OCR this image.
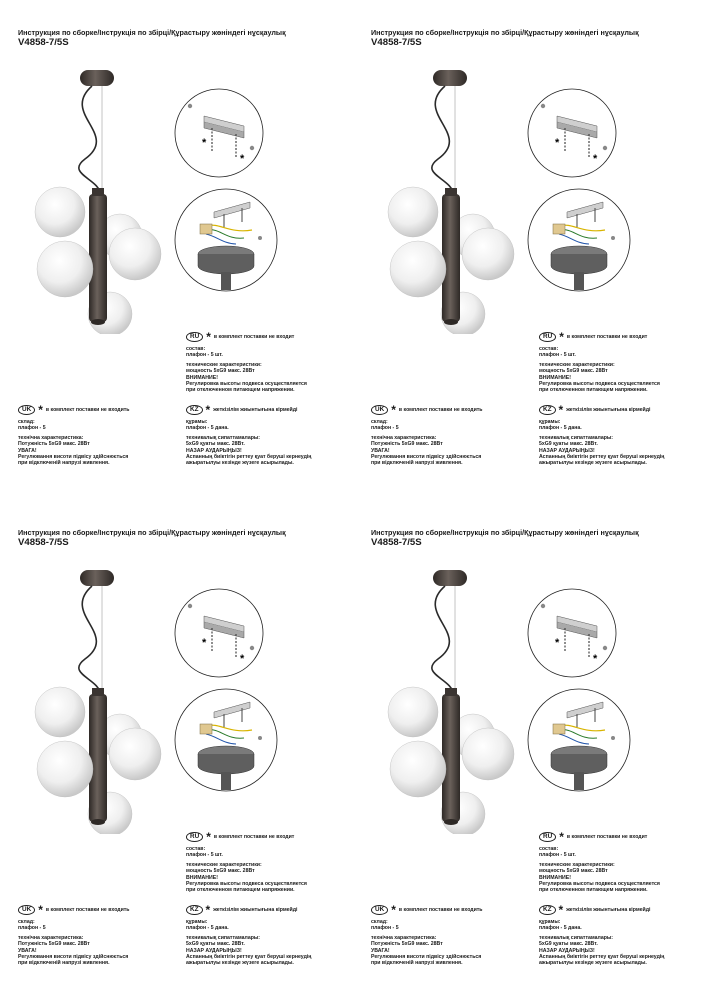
Инструкция по сборке/Інструкція по збірці/Құрастыру жөніндегі нұсқаулық
V4858-7/5S
*
*
RU * в комплект поставки не входит
состав:
плафон - 5 шт.
технические характеристики:
мощность 5xG9 макс. 28Вт
ВНИМАНИЕ!
Регулировка высоты подвеса осуществляется
при отключенном питающем напряжении.
UK * в комплект поставки не входить
склад:
плафон - 5
технічна характеристика:
Потужність 5xG9 макс. 28Вт
УВАГА!
Регулювання висоти підвісу здійснюється
при відключеній напрузі живлення.
KZ * жеткізілім жиынтығына кірмейді
құрамы:
плафон - 5 дана.
техникалық сипаттамалары:
5xG9 қуаты макс. 28Вт.
НАЗАР АУДАРЫҢЫЗ!
Аспанның биіктігін реттеу қуат беруші кернеудің
ажыратылуы кезінде жүзеге асырылады.
Инструкция по сборке/Інструкція по збірці/Құрастыру жөніндегі нұсқаулық
V4858-7/5S
*
*
RU * в комплект поставки не входит
состав:
плафон - 5 шт.
технические характеристики:
мощность 5xG9 макс. 28Вт
ВНИМАНИЕ!
Регулировка высоты подвеса осуществляется
при отключенном питающем напряжении.
UK * в комплект поставки не входить
склад:
плафон - 5
технічна характеристика:
Потужність 5xG9 макс. 28Вт
УВАГА!
Регулювання висоти підвісу здійснюється
при відключеній напрузі живлення.
KZ * жеткізілім жиынтығына кірмейді
құрамы:
плафон - 5 дана.
техникалық сипаттамалары:
5xG9 қуаты макс. 28Вт.
НАЗАР АУДАРЫҢЫЗ!
Аспанның биіктігін реттеу қуат беруші кернеудің
ажыратылуы кезінде жүзеге асырылады.
Инструкция по сборке/Інструкція по збірці/Құрастыру жөніндегі нұсқаулық
V4858-7/5S
*
*
RU * в комплект поставки не входит
состав:
плафон - 5 шт.
технические характеристики:
мощность 5xG9 макс. 28Вт
ВНИМАНИЕ!
Регулировка высоты подвеса осуществляется
при отключенном питающем напряжении.
UK * в комплект поставки не входить
склад:
плафон - 5
технічна характеристика:
Потужність 5xG9 макс. 28Вт
УВАГА!
Регулювання висоти підвісу здійснюється
при відключеній напрузі живлення.
KZ * жеткізілім жиынтығына кірмейді
құрамы:
плафон - 5 дана.
техникалық сипаттамалары:
5xG9 қуаты макс. 28Вт.
НАЗАР АУДАРЫҢЫЗ!
Аспанның биіктігін реттеу қуат беруші кернеудің
ажыратылуы кезінде жүзеге асырылады.
Инструкция по сборке/Інструкція по збірці/Құрастыру жөніндегі нұсқаулық
V4858-7/5S
*
*
RU * в комплект поставки не входит
состав:
плафон - 5 шт.
технические характеристики:
мощность 5xG9 макс. 28Вт
ВНИМАНИЕ!
Регулировка высоты подвеса осуществляется
при отключенном питающем напряжении.
UK * в комплект поставки не входить
склад:
плафон - 5
технічна характеристика:
Потужність 5xG9 макс. 28Вт
УВАГА!
Регулювання висоти підвісу здійснюється
при відключеній напрузі живлення.
KZ * жеткізілім жиынтығына кірмейді
құрамы:
плафон - 5 дана.
техникалық сипаттамалары:
5xG9 қуаты макс. 28Вт.
НАЗАР АУДАРЫҢЫЗ!
Аспанның биіктігін реттеу қуат беруші кернеудің
ажыратылуы кезінде жүзеге асырылады.
